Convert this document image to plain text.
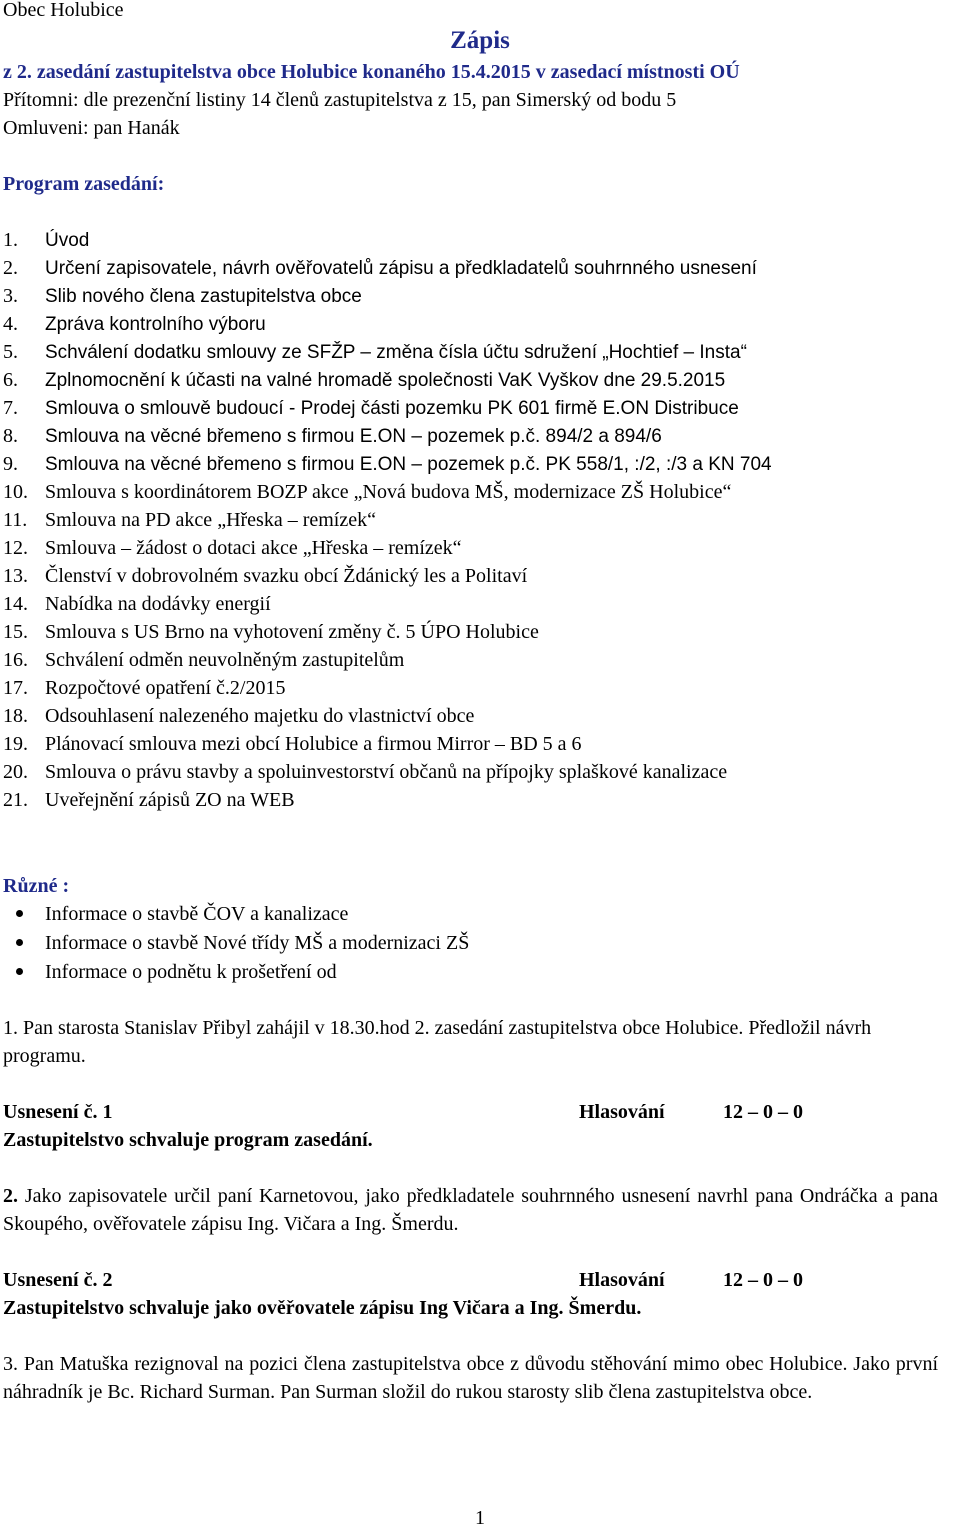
Obec Holubice
Zápis
z 2. zasedání zastupitelstva obce Holubice konaného 15.4.2015 v zasedací místnosti OÚ
Přítomni: dle prezenční listiny 14 členů zastupitelstva z 15, pan Simerský od bodu 5
Omluveni: pan Hanák
Program zasedání:
1. Úvod
2. Určení zapisovatele, návrh ověřovatelů zápisu a předkladatelů souhrnného usnesení
3. Slib nového člena zastupitelstva obce
4. Zpráva kontrolního výboru
5. Schválení dodatku smlouvy ze SFŽP – změna čísla účtu sdružení „Hochtief – Insta“
6. Zplnomocnění k účasti na valné hromadě společnosti VaK Vyškov dne 29.5.2015
7. Smlouva o smlouvě budoucí - Prodej části pozemku PK 601 firmě E.ON Distribuce
8. Smlouva na věcné břemeno s firmou E.ON – pozemek p.č. 894/2 a 894/6
9. Smlouva na věcné břemeno s firmou E.ON – pozemek p.č. PK 558/1, :/2, :/3 a KN 704
10. Smlouva s koordinátorem BOZP akce „Nová budova MŠ, modernizace ZŠ Holubice“
11. Smlouva na PD akce „Hřeska – remízek“
12. Smlouva – žádost o dotaci akce „Hřeska – remízek“
13. Členství v dobrovolném svazku obcí Ždánický les a Politaví
14. Nabídka na dodávky energií
15. Smlouva s US Brno na vyhotovení změny č. 5 ÚPO Holubice
16. Schválení odměn neuvolněným zastupitelům
17. Rozpočtové opatření č.2/2015
18. Odsouhlasení nalezeného majetku do vlastnictví obce
19. Plánovací smlouva mezi obcí Holubice a firmou Mirror – BD 5 a 6
20. Smlouva o právu stavby a spoluinvestorství občanů na přípojky splaškové kanalizace
21. Uveřejnění zápisů ZO na WEB
Různé :
Informace o stavbě ČOV a kanalizace
Informace o stavbě Nové třídy MŠ a modernizaci ZŠ
Informace o podnětu k prošetření od
1. Pan starosta Stanislav Přibyl zahájil v 18.30.hod 2. zasedání zastupitelstva obce Holubice. Předložil návrh programu.
Usnesení č. 1	Hlasování	12 – 0 – 0
Zastupitelstvo schvaluje program zasedání.
2. Jako zapisovatele určil paní Karnetovou, jako předkladatele souhrnného usnesení navrhl pana Ondráčka a pana Skoupého, ověřovatele zápisu Ing. Vičara a Ing. Šmerdu.
Usnesení č. 2	Hlasování	12 – 0 – 0
Zastupitelstvo schvaluje jako ověřovatele zápisu Ing Vičara a Ing. Šmerdu.
3. Pan Matuška rezignoval na pozici člena zastupitelstva obce z důvodu stěhování mimo obec Holubice. Jako první náhradník je Bc. Richard Surman. Pan Surman složil do rukou starosty slib člena zastupitelstva obce.
1
